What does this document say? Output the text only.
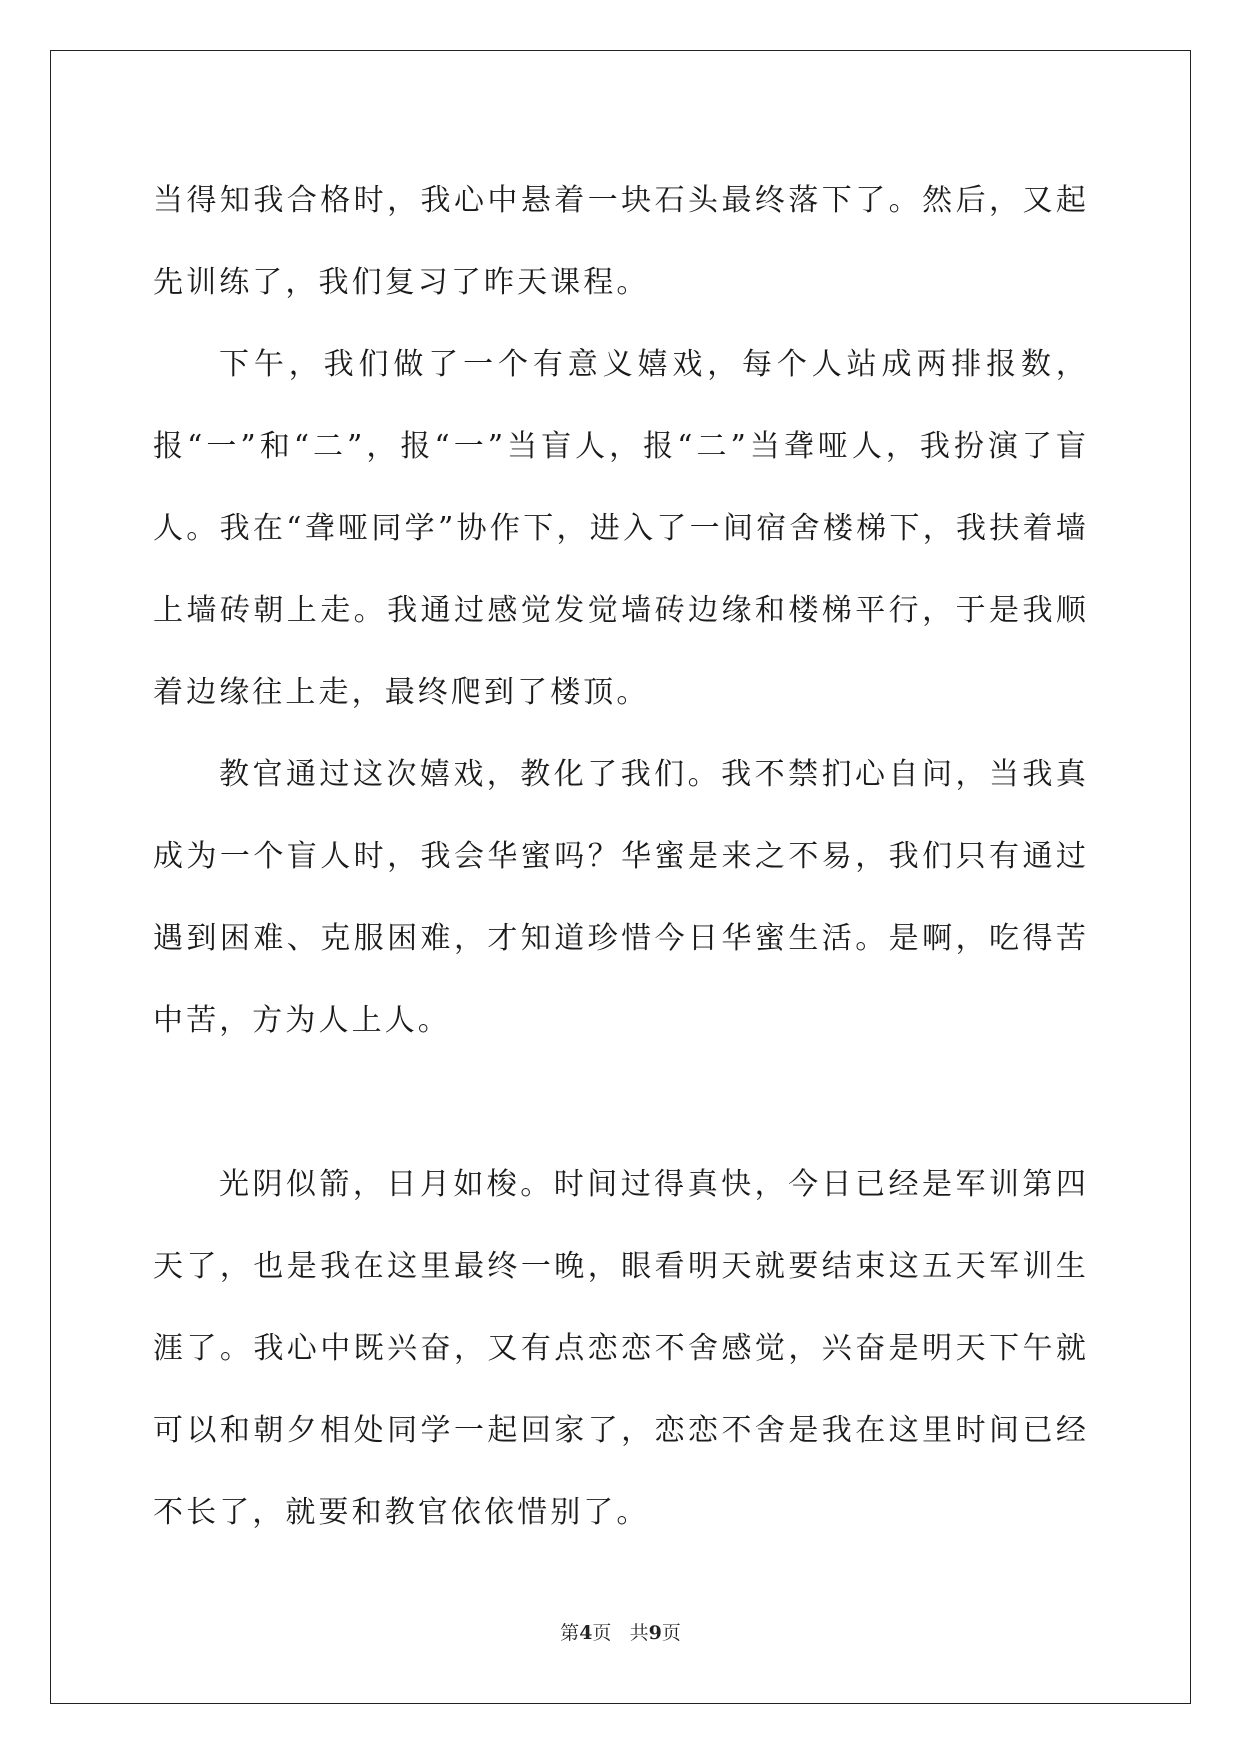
当得知我合格时，我心中悬着一块石头最终落下了。然后，又起先训练了，我们复习了昨天课程。

下午，我们做了一个有意义嬉戏，每个人站成两排报数，报“一”和“二”，报“一”当盲人，报“二”当聋哑人，我扮演了盲人。我在“聋哑同学”协作下，进入了一间宿舍楼梯下，我扶着墙上墙砖朝上走。我通过感觉发觉墙砖边缘和楼梯平行，于是我顺着边缘往上走，最终爬到了楼顶。

教官通过这次嬉戏，教化了我们。我不禁扪心自问，当我真成为一个盲人时，我会华蜜吗？华蜜是来之不易，我们只有通过遇到困难、克服困难，才知道珍惜今日华蜜生活。是啊，吃得苦中苦，方为人上人。

光阴似箭，日月如梭。时间过得真快，今日已经是军训第四天了，也是我在这里最终一晚，眼看明天就要结束这五天军训生涯了。我心中既兴奋，又有点恋恋不舍感觉，兴奋是明天下午就可以和朝夕相处同学一起回家了，恋恋不舍是我在这里时间已经不长了，就要和教官依依惜别了。

第4页 共9页
